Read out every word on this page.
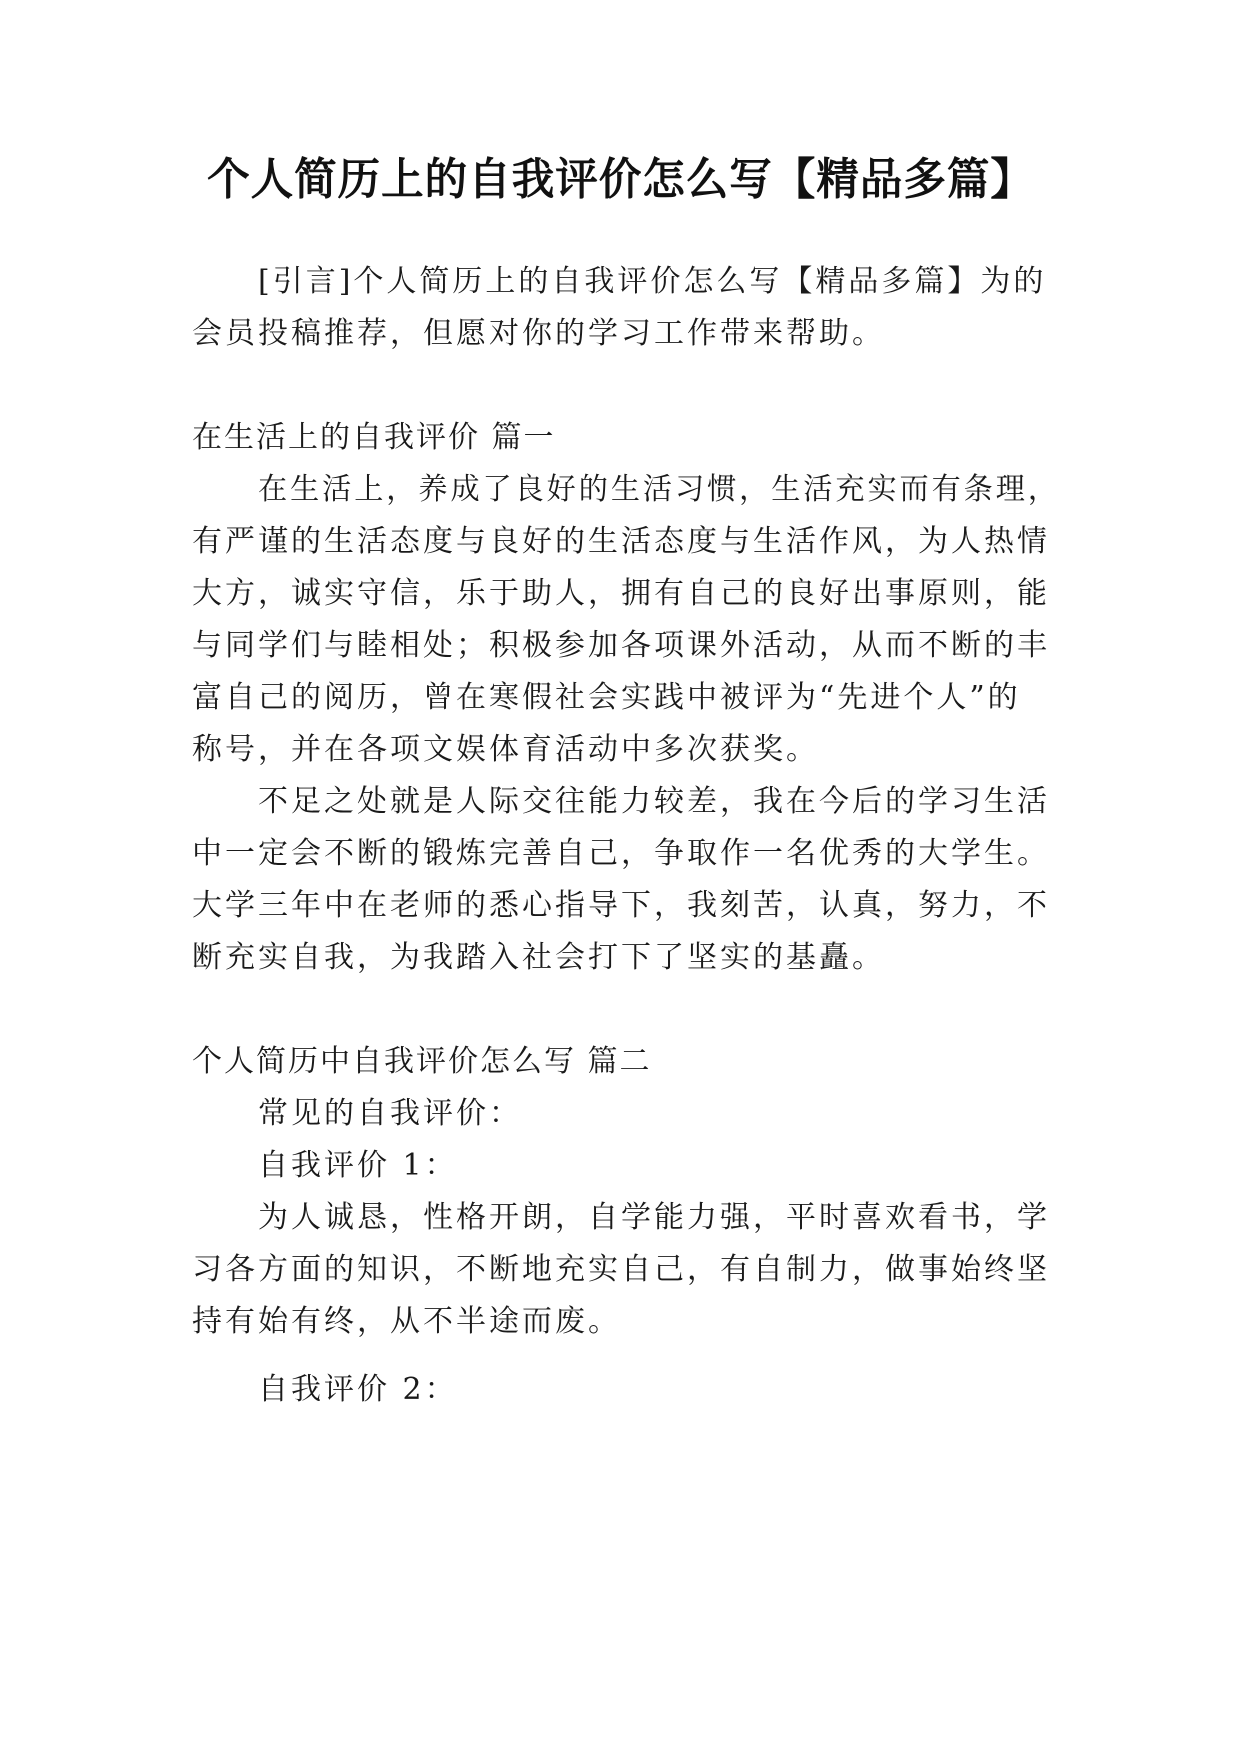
个人简历上的自我评价怎么写【精品多篇】
[引言]个人简历上的自我评价怎么写【精品多篇】为的
会员投稿推荐，但愿对你的学习工作带来帮助。
在生活上的自我评价 篇一
在生活上，养成了良好的生活习惯，生活充实而有条理，
有严谨的生活态度与良好的生活态度与生活作风，为人热情
大方，诚实守信，乐于助人，拥有自己的良好出事原则，能
与同学们与睦相处；积极参加各项课外活动，从而不断的丰
富自己的阅历，曾在寒假社会实践中被评为“先进个人”的
称号，并在各项文娱体育活动中多次获奖。
不足之处就是人际交往能力较差，我在今后的学习生活
中一定会不断的锻炼完善自己，争取作一名优秀的大学生。
大学三年中在老师的悉心指导下，我刻苦，认真，努力，不
断充实自我，为我踏入社会打下了坚实的基矗。
个人简历中自我评价怎么写 篇二
常见的自我评价：
自我评价 1：
为人诚恳，性格开朗，自学能力强，平时喜欢看书，学
习各方面的知识，不断地充实自己，有自制力，做事始终坚
持有始有终，从不半途而废。
自我评价 2：
